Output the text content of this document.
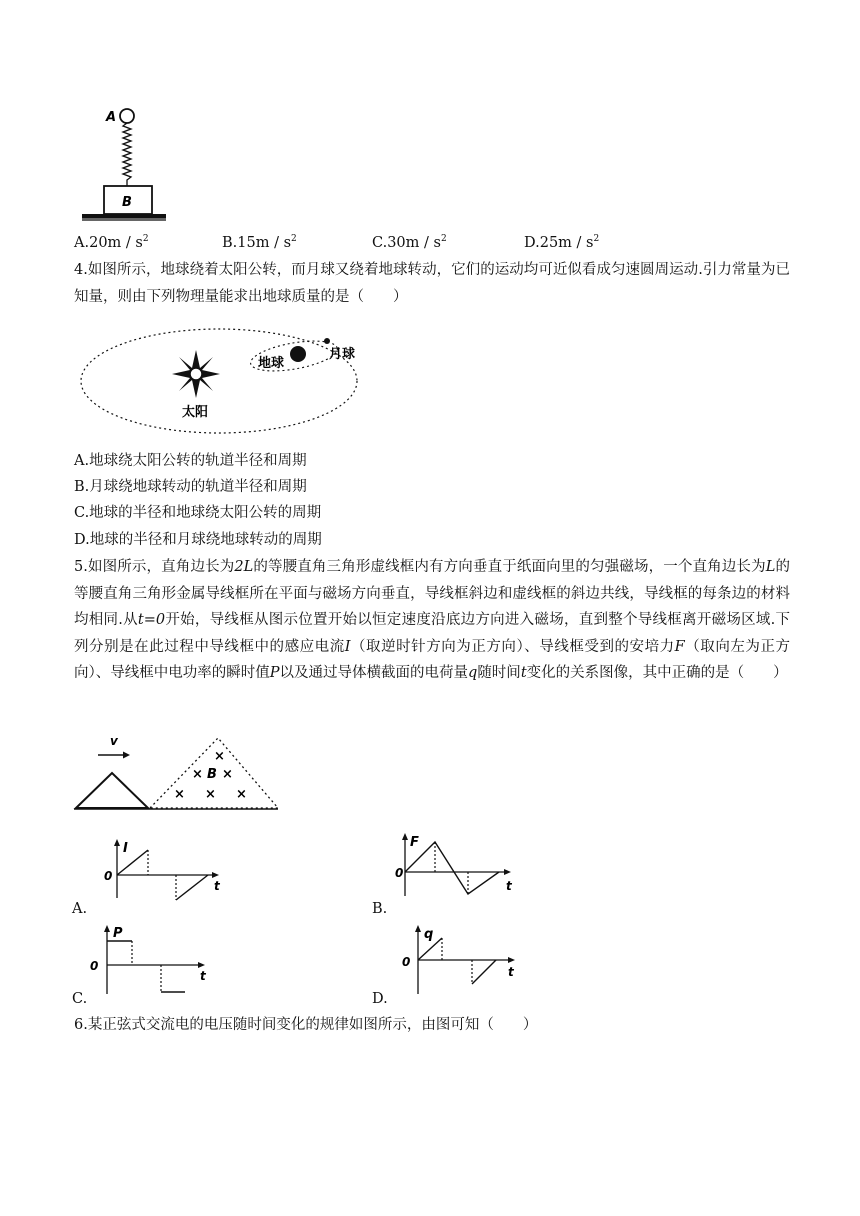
A
B
$A.20m / s^2$	$B.15m / s^2$	$C.30m / s^2$	$D.25m / s^2$
4.如图所示，地球绕着太阳公转，而月球又绕着地球转动，它们的运动均可近似看成匀速圆周运动.引力常量为已知量，则由下列物理量能求出地球质量的是（　　）
太阳
地球
月球
A.地球绕太阳公转的轨道半径和周期
B.月球绕地球转动的轨道半径和周期
C.地球的半径和地球绕太阳公转的周期
D.地球的半径和月球绕地球转动的周期
5.如图所示，直角边长为2L的等腰直角三角形虚线框内有方向垂直于纸面向里的匀强磁场，一个直角边长为L的等腰直角三角形金属导线框所在平面与磁场方向垂直，导线框斜边和虚线框的斜边共线，导线框的每条边的材料均相同.从t=0开始，导线框从图示位置开始以恒定速度沿底边方向进入磁场，直到整个导线框离开磁场区域.下列分别是在此过程中导线框中的感应电流I（取逆时针方向为正方向）、导线框受到的安培力F（取向左为正方向）、导线框中电功率的瞬时值P以及通过导体横截面的电荷量q随时间t变化的关系图像，其中正确的是（　　）
v
×
× B ×
× × ×
I
0
t
A.
F
0
t
B.
P
0
t
C.
q
0
t
D.
6.某正弦式交流电的电压随时间变化的规律如图所示，由图可知（　　）
